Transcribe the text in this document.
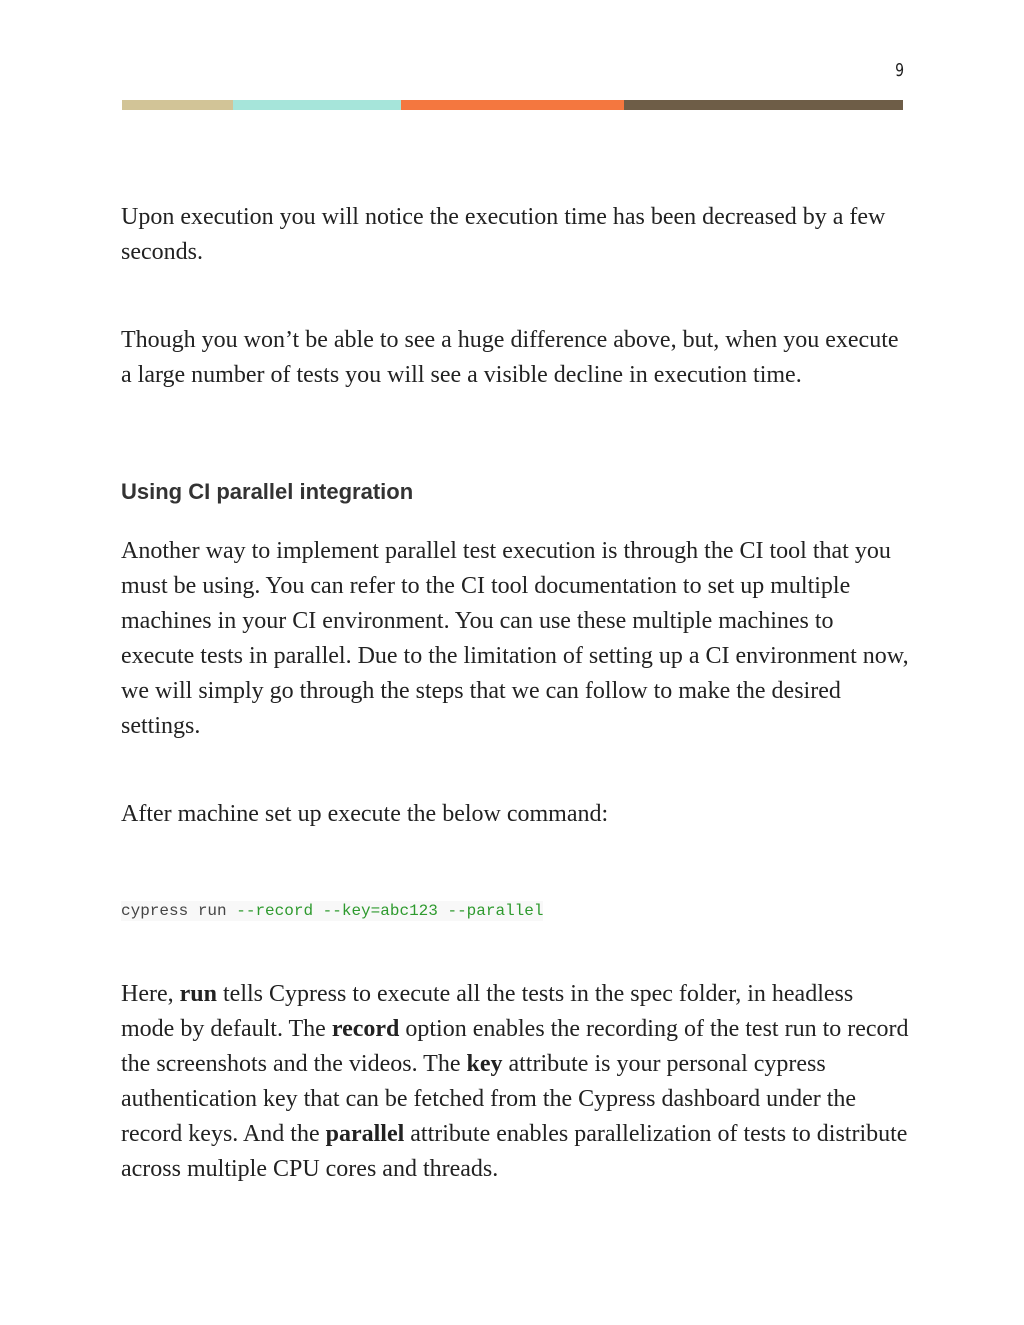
9

Upon execution you will notice the execution time has been decreased by a few seconds.

Though you won’t be able to see a huge difference above, but, when you execute a large number of tests you will see a visible decline in execution time.

Using CI parallel integration

Another way to implement parallel test execution is through the CI tool that you must be using. You can refer to the CI tool documentation to set up multiple machines in your CI environment. You can use these multiple machines to execute tests in parallel. Due to the limitation of setting up a CI environment now, we will simply go through the steps that we can follow to make the desired settings.

After machine set up execute the below command:

cypress run --record --key=abc123 --parallel

Here, run tells Cypress to execute all the tests in the spec folder, in headless mode by default. The record option enables the recording of the test run to record the screenshots and the videos. The key attribute is your personal cypress authentication key that can be fetched from the Cypress dashboard under the record keys. And the parallel attribute enables parallelization of tests to distribute across multiple CPU cores and threads.
